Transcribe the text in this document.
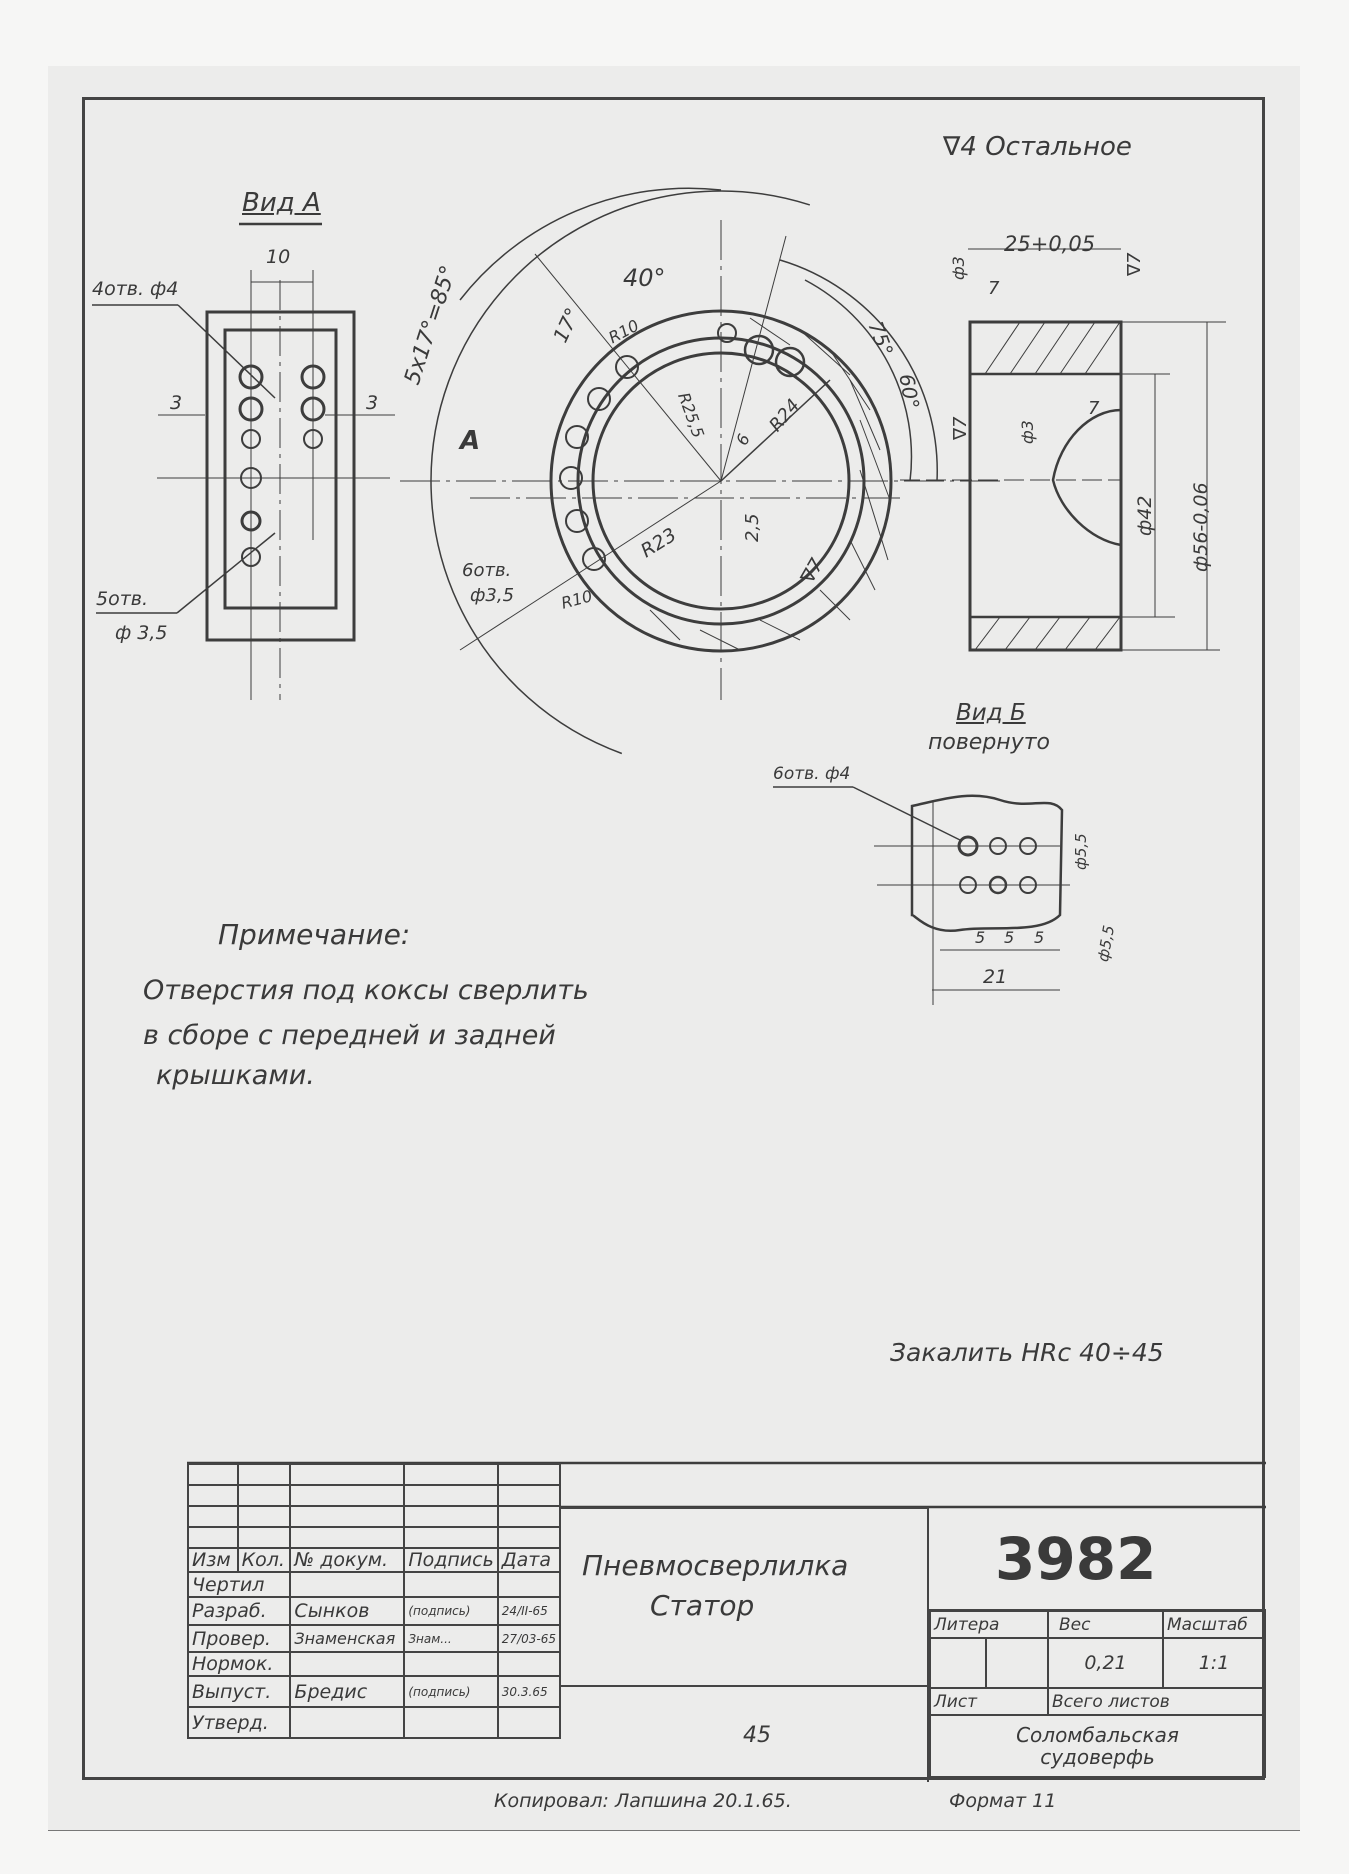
∇4 Остальное
Вид А
10
4отв. ф4
3	3
5отв.
ф 3,5
5x17°=85°	40°
17°	75°
60°
R10
R25,5 6
R24
R23	2,5
∇7
A
6отв.
ф3,5	R10
25+0,05
ф3
7
∇7
∇7	ф3
7
ф42 ф56-0,06
Вид Б
повернуто
6отв. ф4
5 5 5
21
ф5,5
ф5,5
Примечание:
Отверстия под коксы сверлить
в сборе с передней и задней
крышками.
Закалить HRc 40÷45

Изм	Кол.	№ докум.	Подпись	Дата
Чертил				
Разраб.		Сынков	(подпись)	24/II-65
Провер.		Знаменская	Знам...	27/03-65
Нормок.				
Выпуст.		Бредис	(подпись)	30.3.65
Утверд.				
Пневмосверлилка
Статор
45
3982
Литера		Вес	Масштаб
		0,21	1:1
Лист		Всего листов	

Соломбальская
судоверфь			
Копировал: Лапшина 20.1.65.	Формат 11
